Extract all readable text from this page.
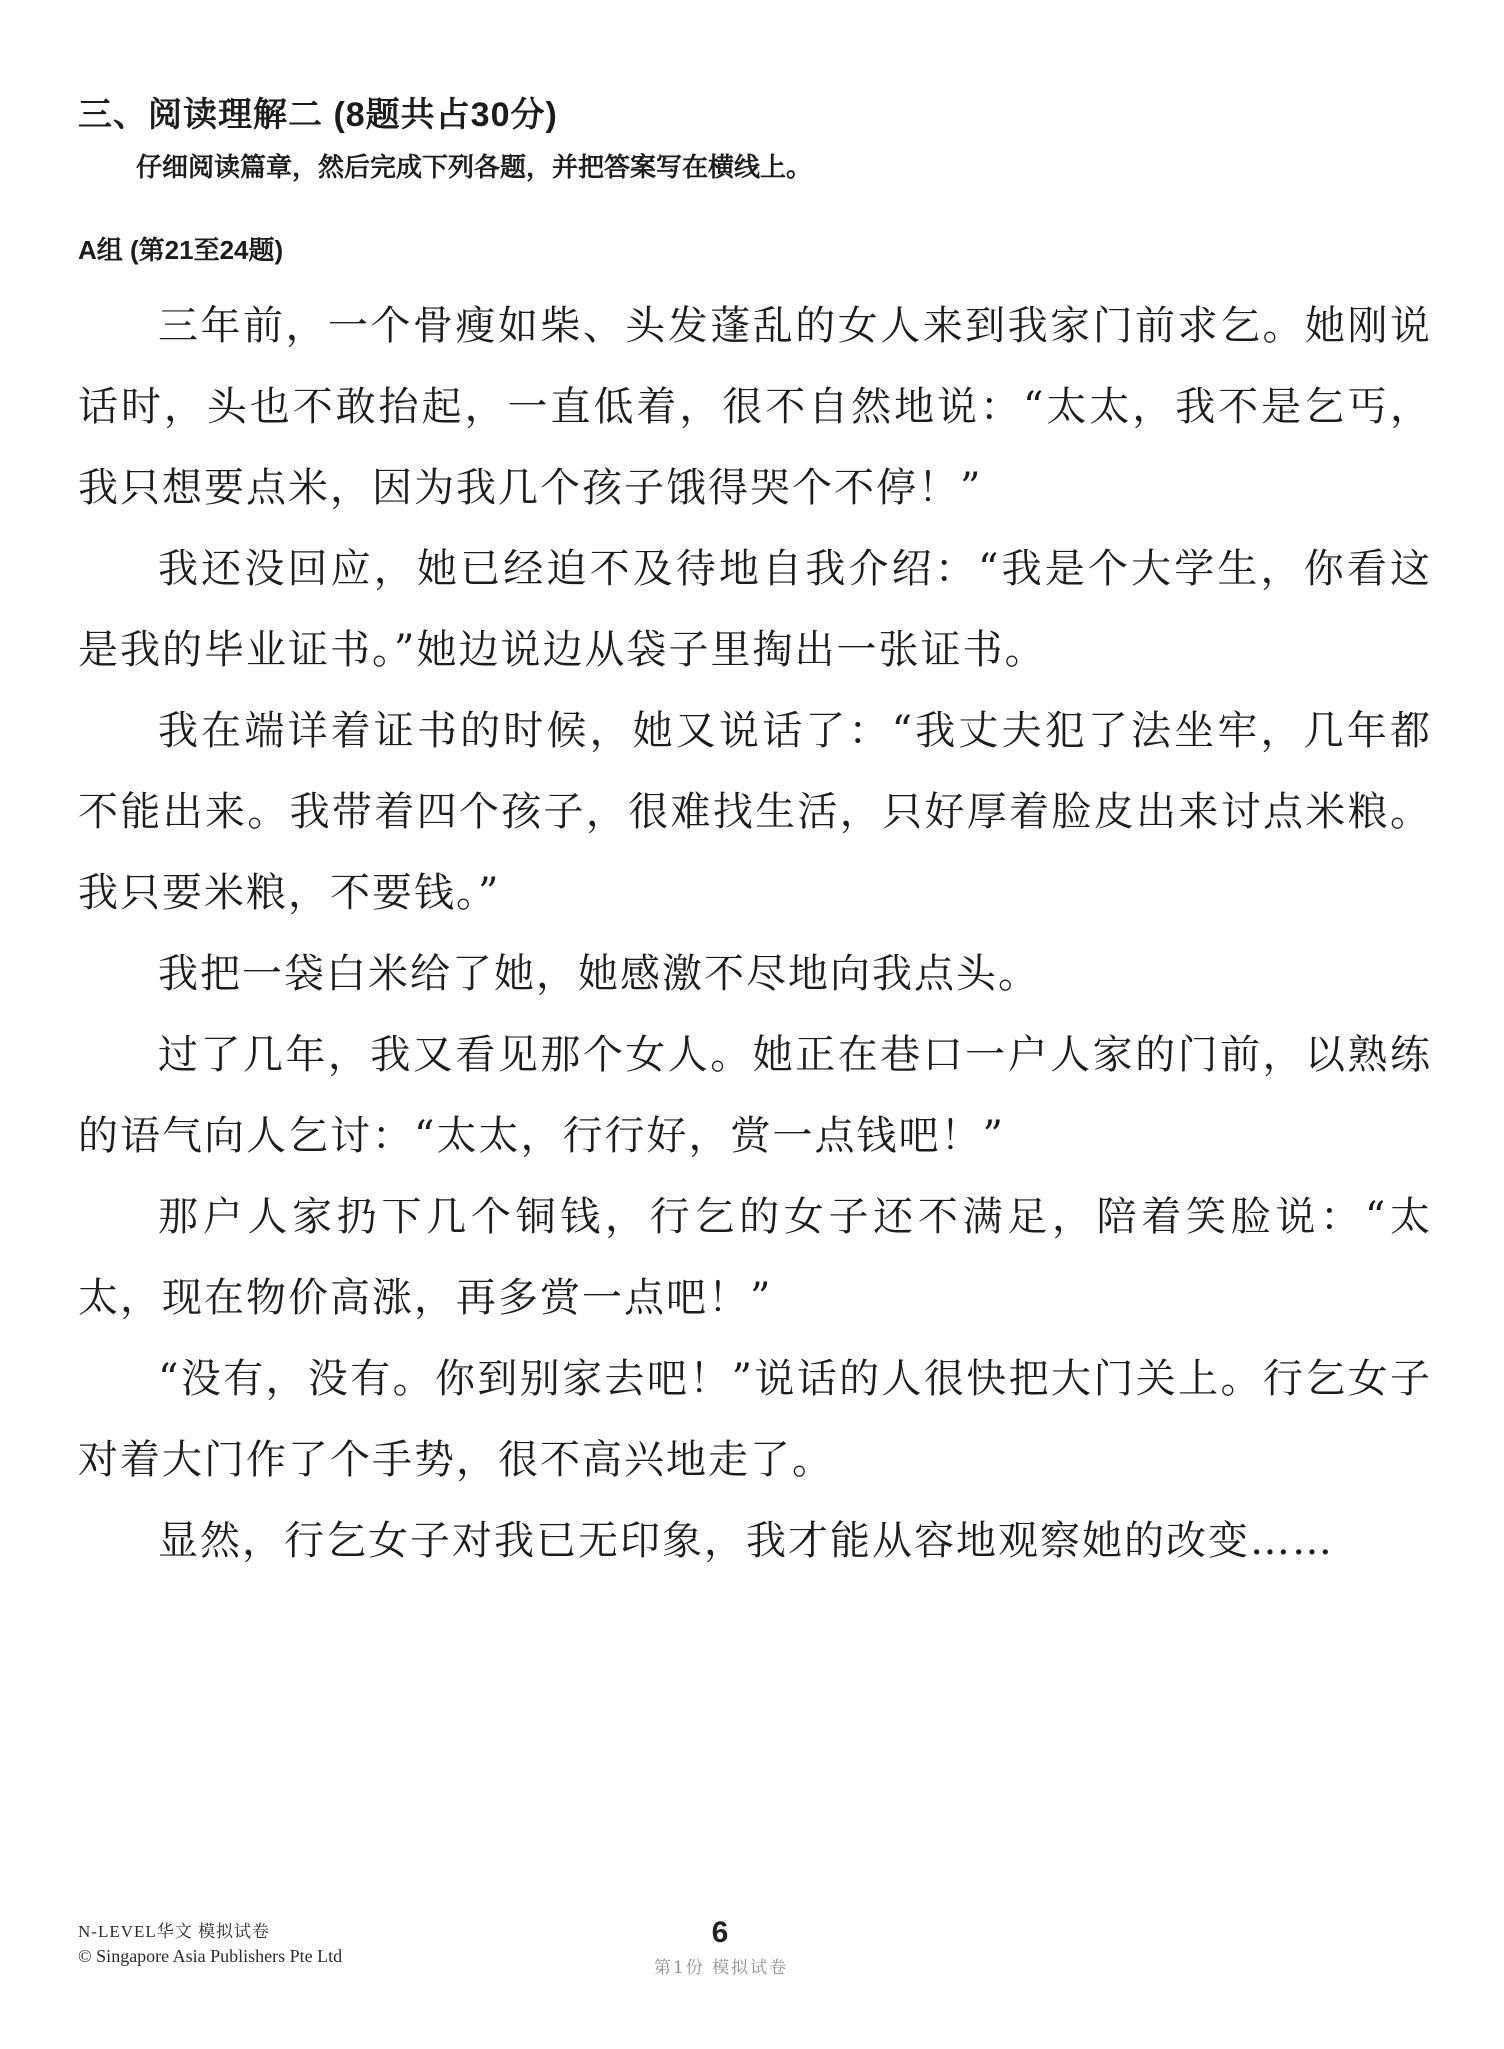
三、阅读理解二 (8题共占30分)
仔细阅读篇章，然后完成下列各题，并把答案写在横线上。
A组 (第21至24题)

三年前，一个骨瘦如柴、头发蓬乱的女人来到我家门前求乞。她刚说话时，头也不敢抬起，一直低着，很不自然地说：“太太，我不是乞丐，我只想要点米，因为我几个孩子饿得哭个不停！”

我还没回应，她已经迫不及待地自我介绍：“我是个大学生，你看这是我的毕业证书。”她边说边从袋子里掏出一张证书。

我在端详着证书的时候，她又说话了：“我丈夫犯了法坐牢，几年都不能出来。我带着四个孩子，很难找生活，只好厚着脸皮出来讨点米粮。我只要米粮，不要钱。”

我把一袋白米给了她，她感激不尽地向我点头。

过了几年，我又看见那个女人。她正在巷口一户人家的门前，以熟练的语气向人乞讨：“太太，行行好，赏一点钱吧！”

那户人家扔下几个铜钱，行乞的女子还不满足，陪着笑脸说：“太太，现在物价高涨，再多赏一点吧！”

“没有，没有。你到别家去吧！”说话的人很快把大门关上。行乞女子对着大门作了个手势，很不高兴地走了。

显然，行乞女子对我已无印象，我才能从容地观察她的改变……

N-LEVEL华文 模拟试卷
© Singapore Asia Publishers Pte Ltd
6
第1份 模拟试卷
